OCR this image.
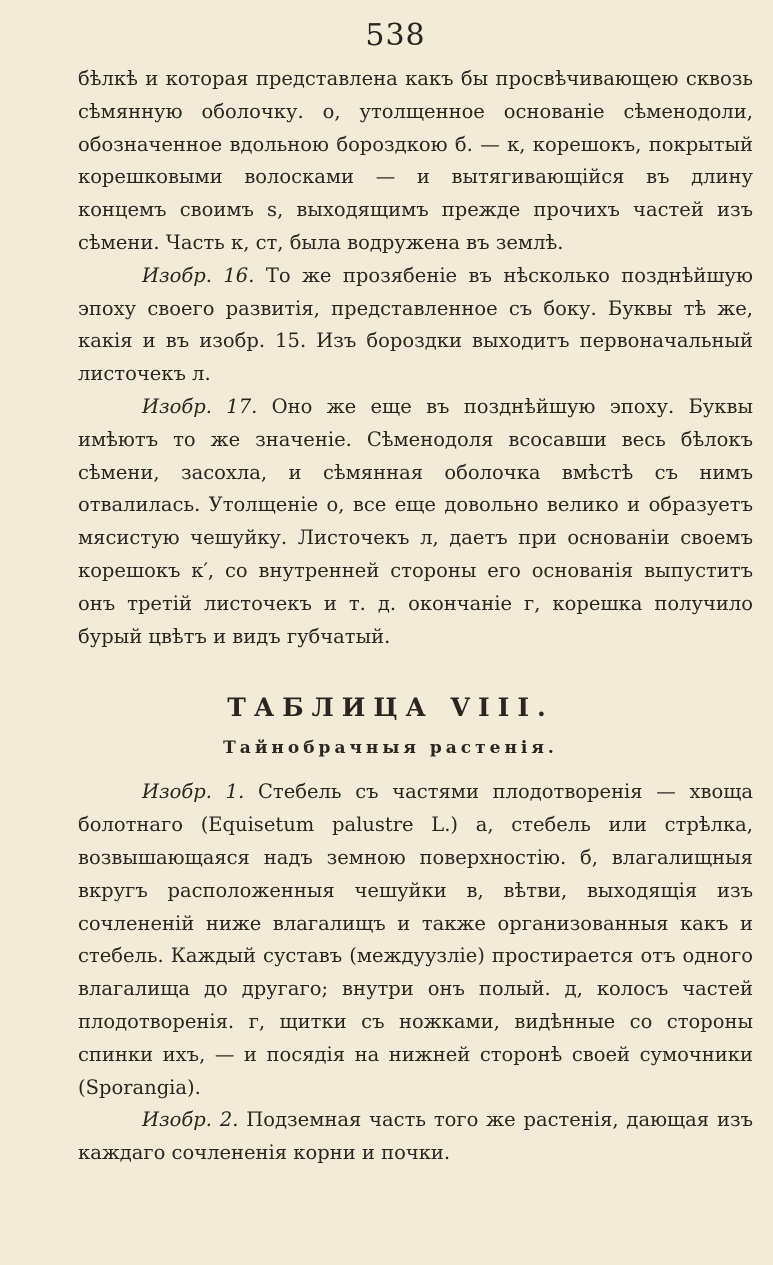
538

бѣлкѣ и которая представлена какъ бы просвѣчивающею сквозь сѣмянную оболочку. о, утолщенное основаніе сѣменодоли, обозначенное вдольною бороздкою б. — к, корешокъ, покрытый корешковыми волосками — и вытягивающійся въ длину концемъ своимъ s, выходящимъ прежде прочихъ частей изъ сѣмени. Часть к, ст, была водружена въ землѣ.

Изобр. 16. То же прозябеніе въ нѣсколько позднѣйшую эпоху своего развитія, представленное съ боку. Буквы тѣ же, какія и въ изобр. 15. Изъ бороздки выходитъ первоначальный листочекъ л.

Изобр. 17. Оно же еще въ позднѣйшую эпоху. Буквы имѣютъ то же значеніе. Сѣменодоля всосавши весь бѣлокъ сѣмени, засохла, и сѣмянная оболочка вмѣстѣ съ нимъ отвалилась. Утолщеніе о, все еще довольно велико и образуетъ мясистую чешуйку. Листочекъ л, даетъ при основаніи своемъ корешокъ к′, со внутренней стороны его основанія выпуститъ онъ третій листочекъ и т. д. окончаніе г, корешка получило бурый цвѣтъ и видъ губчатый.

ТАБЛИЦА VIII.
Тайнобрачныя растенія.

Изобр. 1. Стебель съ частями плодотворенія — хвоща болотнаго (Equisetum palustre L.) а, стебель или стрѣлка, возвышающаяся надъ земною поверхностію. б, влагалищныя вкругъ расположенныя чешуйки в, вѣтви, выходящія изъ сочлененій ниже влагалищъ и также организованныя какъ и стебель. Каждый суставъ (междуузліе) простирается отъ одного влагалища до другаго; внутри онъ полый. д, колосъ частей плодотворенія. г, щитки съ ножками, видѣнные со стороны спинки ихъ, — и посядія на нижней сторонѣ своей сумочники (Sporangia).

Изобр. 2. Подземная часть того же растенія, дающая изъ каждаго сочлененія корни и почки.
